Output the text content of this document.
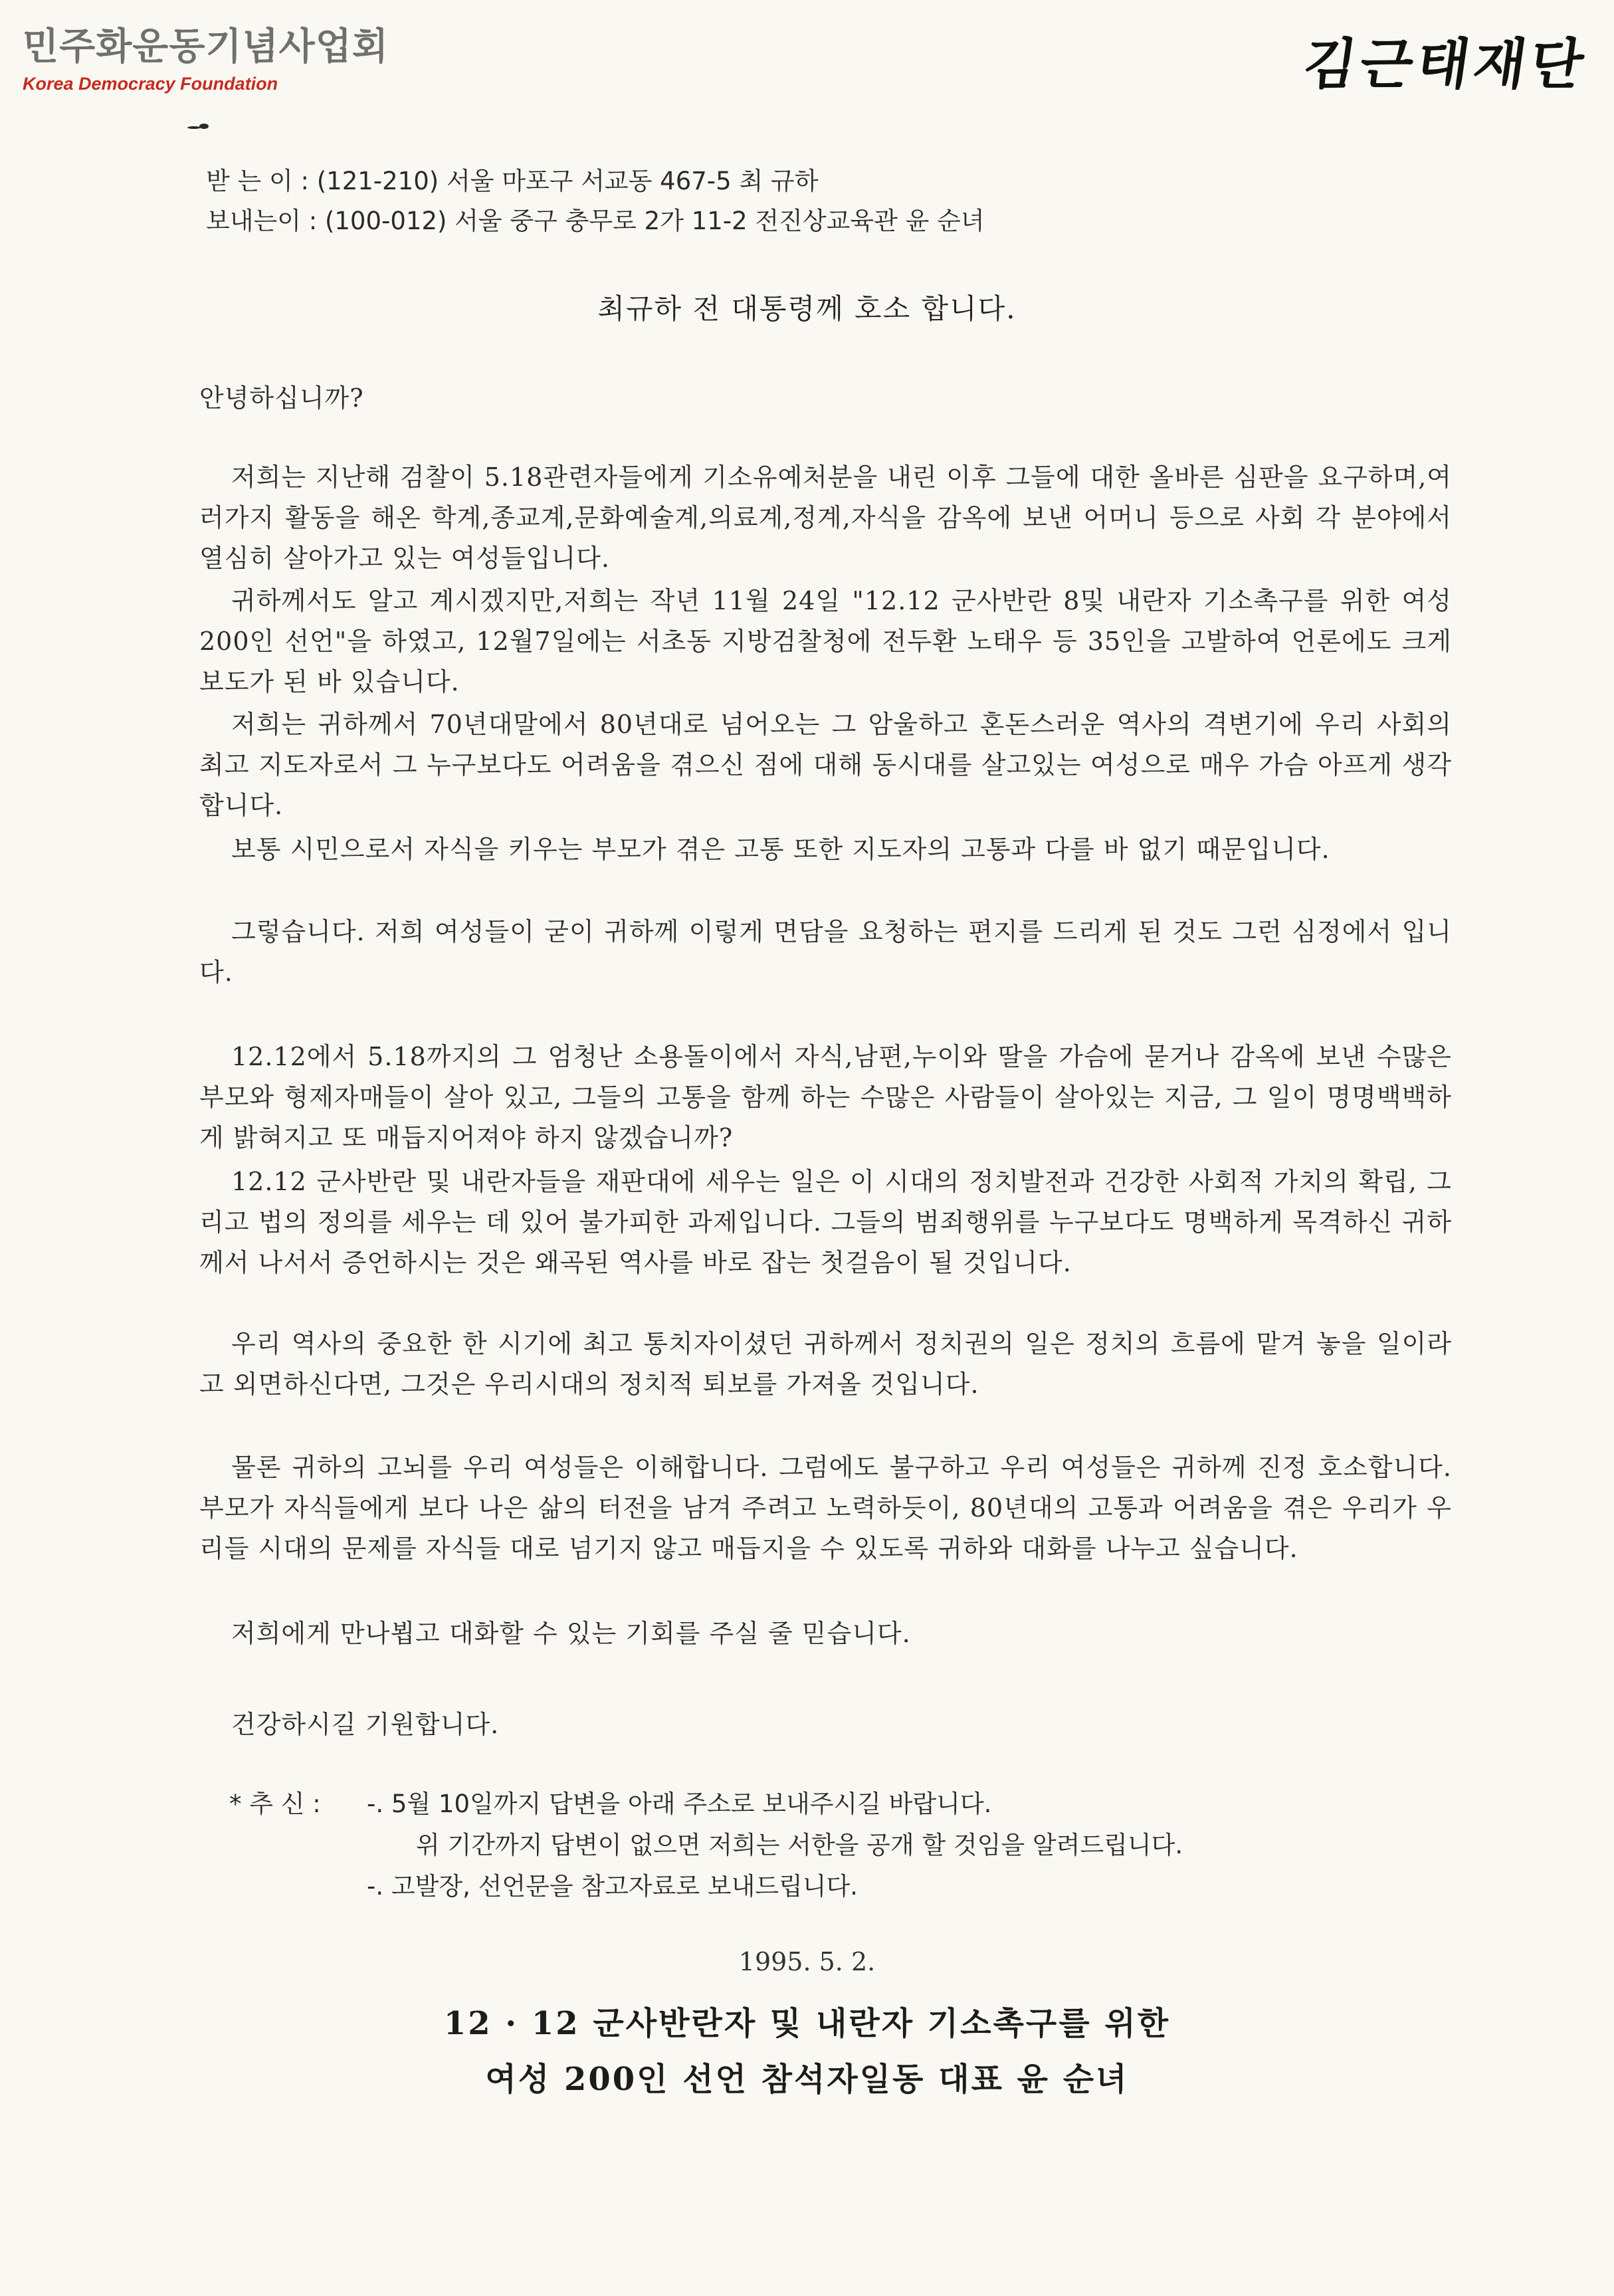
민주화운동기념사업회
Korea Democracy Foundation	김근태재단
받 는 이 : (121-210) 서울 마포구 서교동 467-5 최 규하
보내는이 : (100-012) 서울 중구 충무로 2가 11-2 전진상교육관 윤 순녀
최규하 전 대통령께 호소 합니다.
안녕하십니까?
저희는 지난해 검찰이 5.18관련자들에게 기소유예처분을 내린 이후 그들에 대한 올바른 심판을 요구하며,여러가지 활동을 해온 학계,종교계,문화예술계,의료계,정계,자식을 감옥에 보낸 어머니 등으로 사회 각 분야에서 열심히 살아가고 있는 여성들입니다.
귀하께서도 알고 계시겠지만,저희는 작년 11월 24일 "12.12 군사반란 8및 내란자 기소촉구를 위한 여성 200인 선언"을 하였고, 12월7일에는 서초동 지방검찰청에 전두환 노태우 등 35인을 고발하여 언론에도 크게 보도가 된 바 있습니다.
저희는 귀하께서 70년대말에서 80년대로 넘어오는 그 암울하고 혼돈스러운 역사의 격변기에 우리 사회의 최고 지도자로서 그 누구보다도 어려움을 겪으신 점에 대해 동시대를 살고있는 여성으로 매우 가슴 아프게 생각합니다.
보통 시민으로서 자식을 키우는 부모가 겪은 고통 또한 지도자의 고통과 다를 바 없기 때문입니다.
그렇습니다. 저희 여성들이 굳이 귀하께 이렇게 면담을 요청하는 편지를 드리게 된 것도 그런 심정에서 입니다.
12.12에서 5.18까지의 그 엄청난 소용돌이에서 자식,남편,누이와 딸을 가슴에 묻거나 감옥에 보낸 수많은 부모와 형제자매들이 살아 있고, 그들의 고통을 함께 하는 수많은 사람들이 살아있는 지금, 그 일이 명명백백하게 밝혀지고 또 매듭지어져야 하지 않겠습니까?
12.12 군사반란 및 내란자들을 재판대에 세우는 일은 이 시대의 정치발전과 건강한 사회적 가치의 확립, 그리고 법의 정의를 세우는 데 있어 불가피한 과제입니다. 그들의 범죄행위를 누구보다도 명백하게 목격하신 귀하께서 나서서 증언하시는 것은 왜곡된 역사를 바로 잡는 첫걸음이 될 것입니다.
우리 역사의 중요한 한 시기에 최고 통치자이셨던 귀하께서 정치권의 일은 정치의 흐름에 맡겨 놓을 일이라고 외면하신다면, 그것은 우리시대의 정치적 퇴보를 가져올 것입니다.
물론 귀하의 고뇌를 우리 여성들은 이해합니다. 그럼에도 불구하고 우리 여성들은 귀하께 진정 호소합니다. 부모가 자식들에게 보다 나은 삶의 터전을 남겨 주려고 노력하듯이, 80년대의 고통과 어려움을 겪은 우리가 우리들 시대의 문제를 자식들 대로 넘기지 않고 매듭지을 수 있도록 귀하와 대화를 나누고 싶습니다.
저희에게 만나뵙고 대화할 수 있는 기회를 주실 줄 믿습니다.
건강하시길 기원합니다.
* 추 신 : -. 5월 10일까지 답변을 아래 주소로 보내주시길 바랍니다.
위 기간까지 답변이 없으면 저희는 서한을 공개 할 것임을 알려드립니다.
-. 고발장, 선언문을 참고자료로 보내드립니다.
1995. 5. 2.
12 · 12 군사반란자 및 내란자 기소촉구를 위한
여성 200인 선언 참석자일동 대표 윤 순녀
